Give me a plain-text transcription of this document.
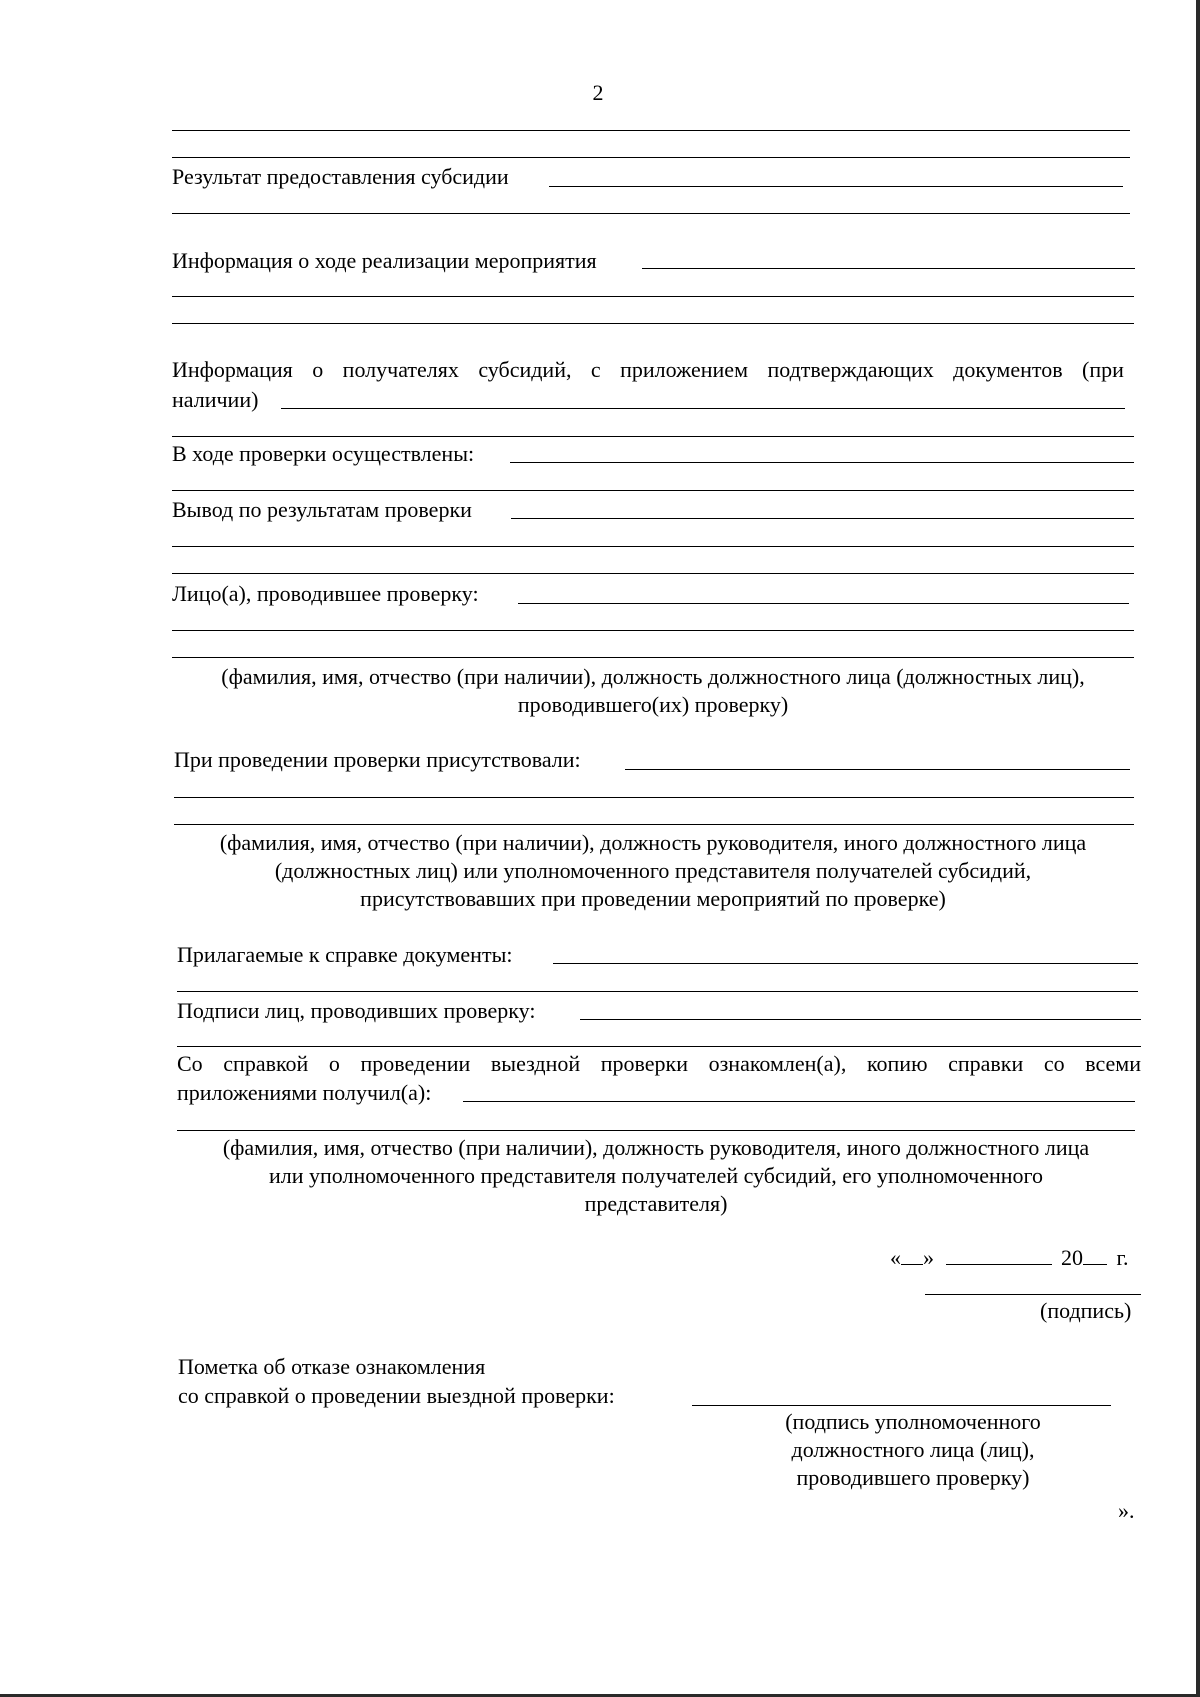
2
Результат предоставления субсидии
Информация о ходе реализации мероприятия
Информация о получателях субсидий, с приложением подтверждающих документов (при
наличии)
В ходе проверки осуществлены:
Вывод по результатам проверки
Лицо(а), проводившее проверку:
(фамилия, имя, отчество (при наличии), должность должностного лица (должностных лиц),
проводившего(их) проверку)
При проведении проверки присутствовали:
(фамилия, имя, отчество (при наличии), должность руководителя, иного должностного лица
(должностных лиц) или уполномоченного представителя получателей субсидий,
присутствовавших при проведении мероприятий по проверке)
Прилагаемые к справке документы:
Подписи лиц, проводивших проверку:
Со справкой о проведении выездной проверки ознакомлен(а), копию справки со всеми
приложениями получил(а):
(фамилия, имя, отчество (при наличии), должность руководителя, иного должностного лица
или уполномоченного представителя получателей субсидий, его уполномоченного
представителя)
« »	20 г.
(подпись)
Пометка об отказе ознакомления
со справкой о проведении выездной проверки:
(подпись уполномоченного
должностного лица (лиц),
проводившего проверку)
».
